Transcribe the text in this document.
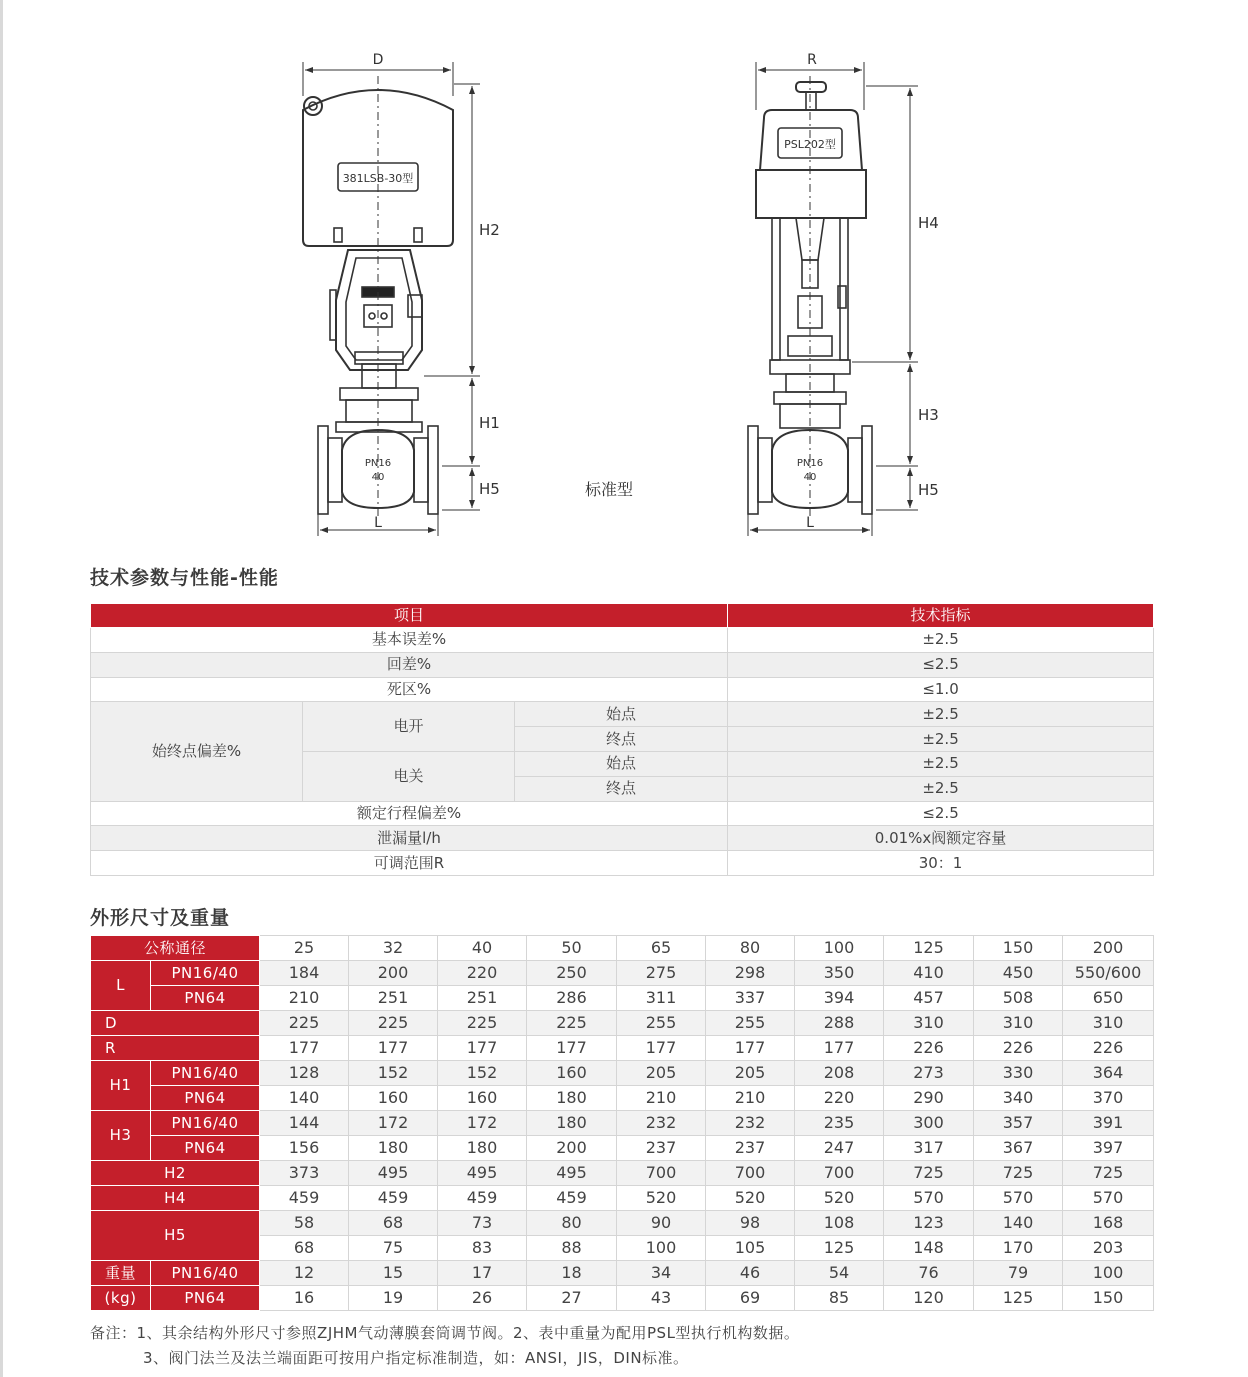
D
381LSB-30型
H2
H1
H5
L
PN16
40
标准型
R
PSL202型
H4
H3
H5
L
PN16
40
技术参数与性能-性能
项目			技术指标
基本误差%			±2.5
回差%			≤2.5
死区%			≤1.0
始终点偏差%	电开	始点	±2.5
		终点	±2.5
	电关	始点	±2.5
		终点	±2.5
额定行程偏差%			≤2.5
泄漏量l/h			0.01%x阀额定容量
可调范围R			30：1
外形尺寸及重量
公称通径		25	32	40	50	65	80	100	125	150	200
L	PN16/40	184	200	220	250	275	298	350	410	450	550/600
	PN64	210	251	251	286	311	337	394	457	508	650
D		225	225	225	225	255	255	288	310	310	310
R		177	177	177	177	177	177	177	226	226	226
H1	PN16/40	128	152	152	160	205	205	208	273	330	364
	PN64	140	160	160	180	210	210	220	290	340	370
H3	PN16/40	144	172	172	180	232	232	235	300	357	391
	PN64	156	180	180	200	237	237	247	317	367	397
H2		373	495	495	495	700	700	700	725	725	725
H4		459	459	459	459	520	520	520	570	570	570
H5		58	68	73	80	90	98	108	123	140	168
		68	75	83	88	100	105	125	148	170	203
重量	PN16/40	12	15	17	18	34	46	54	76	79	100
(kg)	PN64	16	19	26	27	43	69	85	120	125	150
备注：1、其余结构外形尺寸参照ZJHM气动薄膜套筒调节阀。2、表中重量为配用PSL型执行机构数据。
3、阀门法兰及法兰端面距可按用户指定标准制造，如：ANSI，JIS，DIN标准。
